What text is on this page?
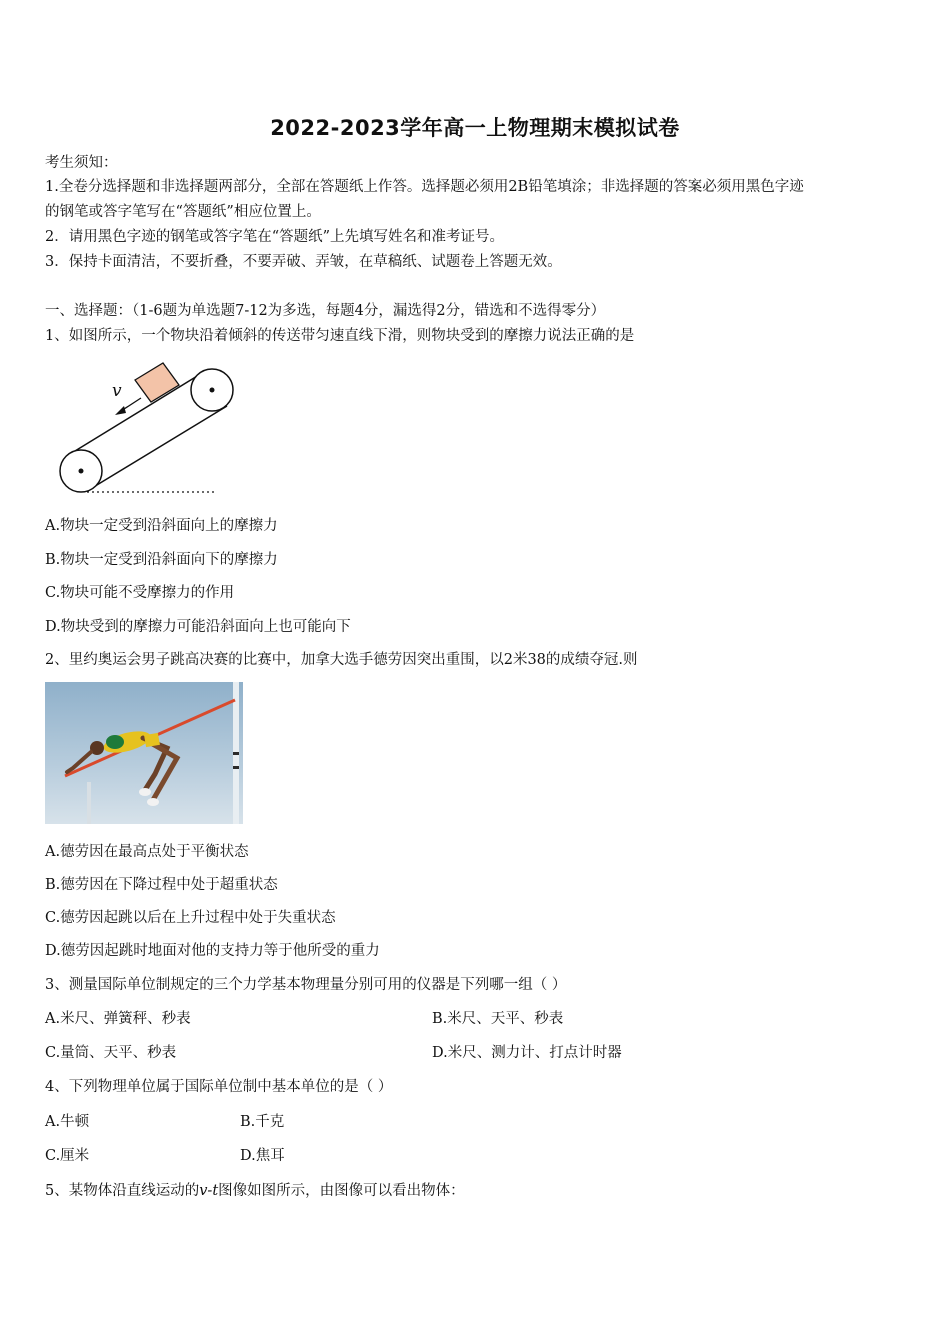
2022-2023学年高一上物理期末模拟试卷
考生须知：
1.全卷分选择题和非选择题两部分，全部在答题纸上作答。选择题必须用2B铅笔填涂；非选择题的答案必须用黑色字迹
的钢笔或答字笔写在“答题纸”相应位置上。
2．请用黑色字迹的钢笔或答字笔在“答题纸”上先填写姓名和准考证号。
3．保持卡面清洁，不要折叠，不要弄破、弄皱，在草稿纸、试题卷上答题无效。
一、选择题：（1-6题为单选题7-12为多选，每题4分，漏选得2分，错选和不选得零分）
1、如图所示，一个物块沿着倾斜的传送带匀速直线下滑，则物块受到的摩擦力说法正确的是
v
A.物块一定受到沿斜面向上的摩擦力
B.物块一定受到沿斜面向下的摩擦力
C.物块可能不受摩擦力的作用
D.物块受到的摩擦力可能沿斜面向上也可能向下
2、里约奥运会男子跳高决赛的比赛中，加拿大选手德劳因突出重围，以2米38的成绩夺冠.则
A.德劳因在最高点处于平衡状态
B.德劳因在下降过程中处于超重状态
C.德劳因起跳以后在上升过程中处于失重状态
D.德劳因起跳时地面对他的支持力等于他所受的重力
3、测量国际单位制规定的三个力学基本物理量分别可用的仪器是下列哪一组（ ）
A.米尺、弹簧秤、秒表	B.米尺、天平、秒表
C.量筒、天平、秒表	D.米尺、测力计、打点计时器
4、下列物理单位属于国际单位制中基本单位的是（ ）
A.牛顿	B.千克
C.厘米	D.焦耳
5、某物体沿直线运动的v-t图像如图所示，由图像可以看出物体：
